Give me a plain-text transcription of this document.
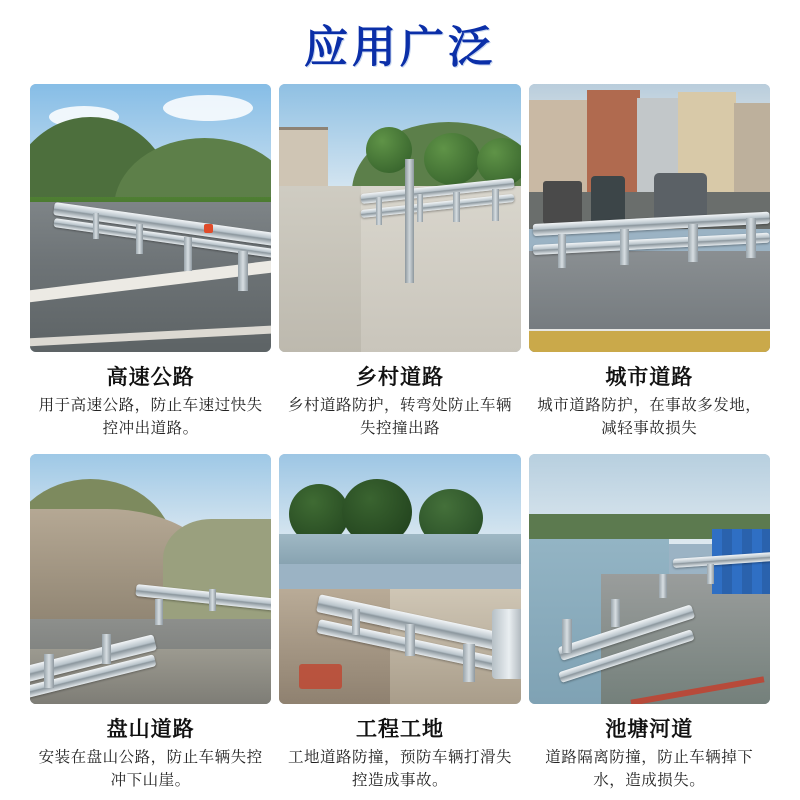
应用广泛
高速公路
用于高速公路，防止车速过快失控冲出道路。
乡村道路
乡村道路防护，转弯处防止车辆失控撞出路
城市道路
城市道路防护，在事故多发地，减轻事故损失
盘山道路
安装在盘山公路，防止车辆失控冲下山崖。
工程工地
工地道路防撞，预防车辆打滑失控造成事故。
池塘河道
道路隔离防撞，防止车辆掉下水，造成损失。
